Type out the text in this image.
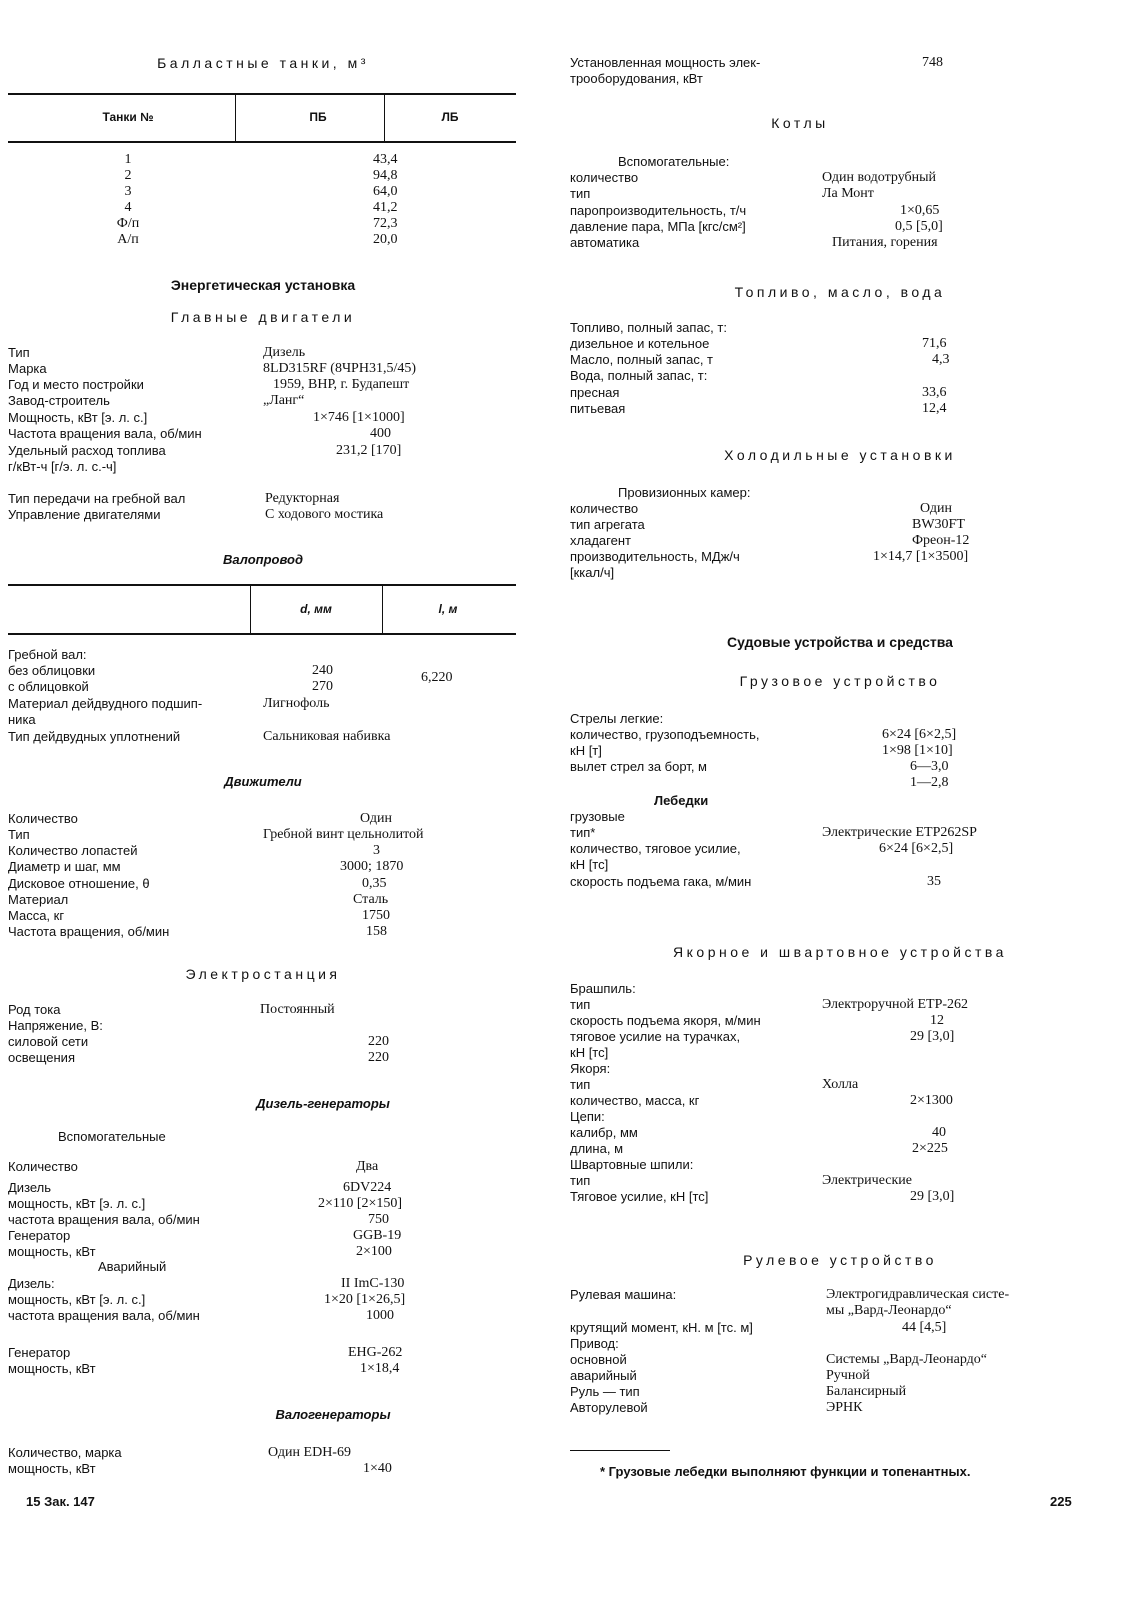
Балластные танки, м³
Танки №	ПБ	ЛБ
1	43,4
2	94,8
3	64,0
4	41,2
Ф/п	72,3
А/п	20,0
Энергетическая установка
Главные двигатели
Тип	Дизель
Марка	8LD315RF (8ЧРН31,5/45)
Год и место постройки	1959, ВНР, г. Будапешт
Завод-строитель	„Ланг“
Мощность, кВт [э. л. с.]	1×746 [1×1000]
Частота вращения вала, об/мин	400
Удельный расход топлива	231,2 [170]
г/кВт-ч [г/э. л. с.-ч]
Тип передачи на гребной вал	Редукторная
Управление двигателями	С ходового мостика
Валопровод
d, мм	l, м
Гребной вал:
без облицовки	240
с облицовкой	270
6,220
Материал дейдвудного подшип-	Лигнофоль
ника
Тип дейдвудных уплотнений	Сальниковая набивка
Движители
Количество	Один
Тип	Гребной винт цельнолитой
Количество лопастей	3
Диаметр и шаг, мм	3000; 1870
Дисковое отношение, θ	0,35
Материал	Сталь
Масса, кг	1750
Частота вращения, об/мин	158
Электростанция
Род тока	Постоянный
Напряжение, В:
силовой сети	220
освещения	220
Дизель-генераторы
Вспомогательные
Количество	Два
Дизель	6DV224
мощность, кВт [э. л. с.]	2×110 [2×150]
частота вращения вала, об/мин	750
Генератор	GGB-19
мощность, кВт	2×100
Аварийный
Дизель:	II ImC-130
мощность, кВт [э. л. с.]	1×20 [1×26,5]
частота вращения вала, об/мин	1000
Генератор	EHG-262
мощность, кВт	1×18,4
Валогенераторы
Количество, марка	Один EDH-69
мощность, кВт	1×40
15 Зак. 147
Установленная мощность элек-
трооборудования, кВт
748
Котлы
Вспомогательные:
количество	Один водотрубный
тип	Ла Монт
паропроизводительность, т/ч	1×0,65
давление пара, МПа [кгс/см²]	0,5 [5,0]
автоматика	Питания, горения
Топливо, масло, вода
Топливо, полный запас, т:
дизельное и котельное	71,6
Масло, полный запас, т	4,3
Вода, полный запас, т:
пресная	33,6
питьевая	12,4
Холодильные установки
Провизионных камер:
количество	Один
тип агрегата	BW30FT
хладагент	Фреон-12
производительность, МДж/ч	1×14,7 [1×3500]
[ккал/ч]
Судовые устройства и средства
Грузовое устройство
Стрелы легкие:
количество, грузоподъемность,	6×24 [6×2,5]
кН [т]	1×98 [1×10]
вылет стрел за борт, м	6—3,0
1—2,8
Лебедки
грузовые
тип*	Электрические ETP262SP
количество, тяговое усилие,	6×24 [6×2,5]
кН [тс]
скорость подъема гака, м/мин	35
Якорное и швартовное устройства
Брашпиль:
тип	Электроручной ETP-262
скорость подъема якоря, м/мин	12
тяговое усилие на турачках,	29 [3,0]
кН [тс]
Якоря:
тип	Холла
количество, масса, кг	2×1300
Цепи:
калибр, мм	40
длина, м	2×225
Швартовные шпили:
тип	Электрические
Тяговое усилие, кН [тс]	29 [3,0]
Рулевое устройство
Рулевая машина:	Электрогидравлическая систе-
мы „Вард-Леонардо“
крутящий момент, кН. м [тс. м]	44 [4,5]
Привод:
основной	Системы „Вард-Леонардо“
аварийный	Ручной
Руль — тип	Балансирный
Авторулевой	ЭРНК
* Грузовые лебедки выполняют функции и топенантных.
225
